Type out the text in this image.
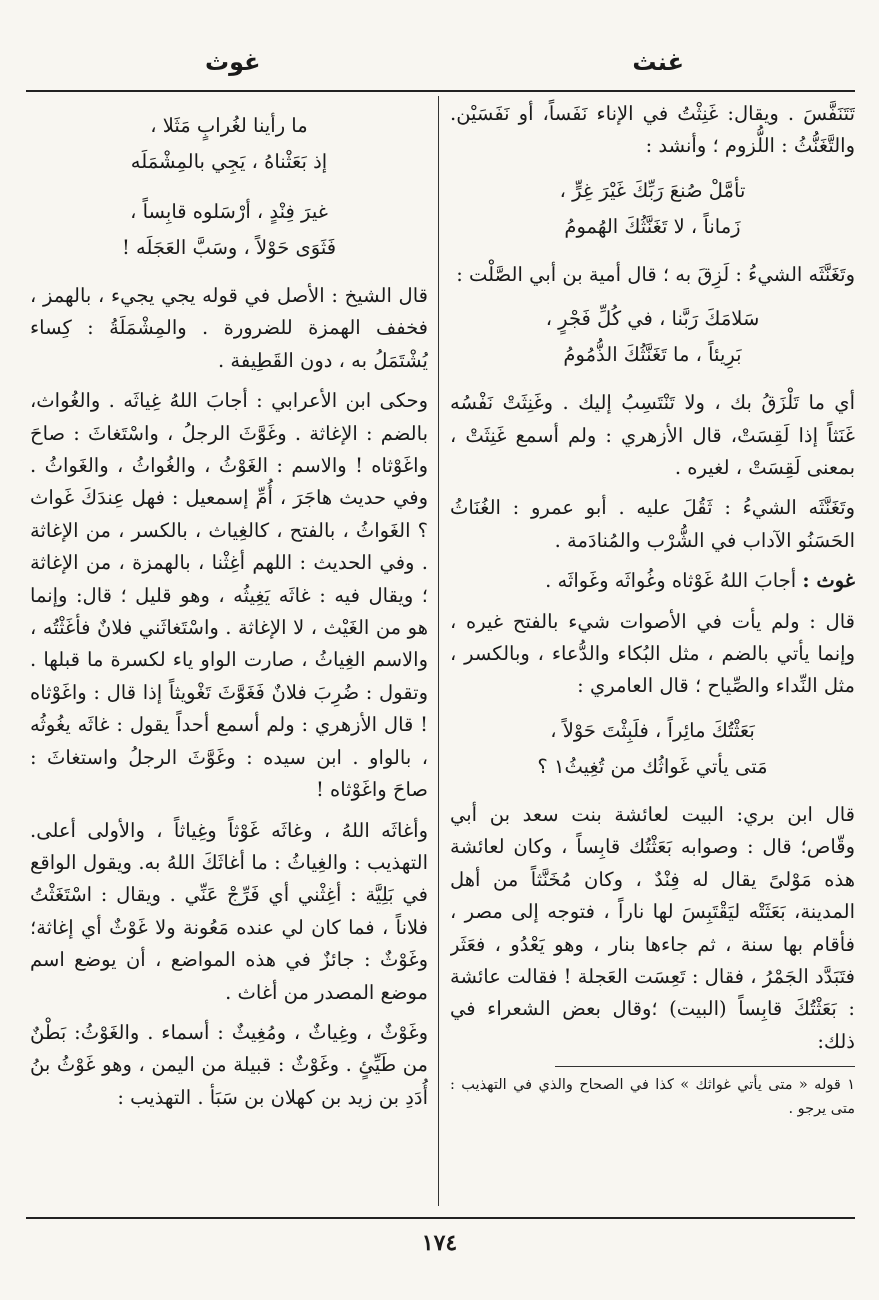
غنث
غوث

تَتَنَفَّسَ . ويقال: غَنِثْتُ في الإناء نَفَساً، أو نَفَسَيْن. والتَّغَنُّثُ : اللُّزوم ؛ وأنشد :

تأمَّلْ صُنعَ رَبِّكَ غَيْرَ غِرٍّ ،
زَماناً ، لا تَغَنَّثُكَ الهُمومُ

وتَغَنَّثَه الشيءُ : لَزِقَ به ؛ قال أمية بن أبي الصَّلْت :

سَلامَكَ رَبَّنا ، في كُلِّ فَجْرٍ ،
بَرِيئاً ، ما تَغَنَّثُكَ الذُّمُومُ

أي ما تَلْزَقُ بك ، ولا تَنْتَسِبُ إليك . وغَنِثَتْ نَفْسُه غَنَثاً إذا لَقِسَتْ، قال الأزهري : ولم أسمع غَنِثَتْ ، بمعنى لَقِسَتْ ، لغيره .

وتَغَنَّثَه الشيءُ : ثَقُلَ عليه . أبو عمرو : الغُنَاثُ الحَسَنُو الآداب في الشُّرْب والمُنادَمة .

غوث : أجابَ اللهُ غَوْثاه وغُواثَه وغَواثَه .

قال : ولم يأت في الأصوات شيء بالفتح غيره ، وإنما يأتي بالضم ، مثل البُكاء والدُّعاء ، وبالكسر ، مثل النِّداء والصِّياح ؛ قال العامري :

بَعَثْتُكَ مائِراً ، فلَبِثْتَ حَوْلاً ،
مَتى يأتي غَواثُك من تُغِيثُ١ ؟

قال ابن بري: البيت لعائشة بنت سعد بن أبي وقّاص؛ قال : وصوابه بَعَثْتُك قابِساً ، وكان لعائشة هذه مَوْلىً يقال له فِنْدٌ ، وكان مُخَنَّثاً من أهل المدينة، بَعَثَتْه ليَقْتَبِسَ لها ناراً ، فتوجه إلى مصر ، فأقام بها سنة ، ثم جاءها بنار ، وهو يَعْدُو ، فعَثَر فتَبَدَّد الجَمْرُ ، فقال : تَعِسَت العَجلة ! فقالت عائشة : بَعَثْتُكَ قابِساً (البيت) ؛وقال بعض الشعراء في ذلك:

١ قوله « متى يأتي غواثك » كذا في الصحاح والذي في التهذيب : متى يرجو .

ما رأينا لغُرابٍ مَثَلا ،
إذ بَعَثْناهُ ، يَجِي بالمِشْمَلَه
غيرَ فِنْدٍ ، أرْسَلوه قابِساً ،
فَثَوَى حَوْلاً ، وسَبَّ العَجَلَه !

قال الشيخ : الأصل في قوله يجي يجيء ، بالهمز ، فخفف الهمزة للضرورة . والمِشْمَلَةُ : كِساء يُشْتَمَلُ به ، دون القَطِيفة .

وحكى ابن الأعرابي : أجابَ اللهُ غِياثَه . والغُواث، بالضم : الإغاثة . وغَوَّثَ الرجلُ ، واسْتَغاثَ : صاحَ واغَوْثاه ! والاسم : الغَوْثُ ، والغُواثُ ، والغَواثُ . وفي حديث هاجَرَ ، أُمِّ إسمعيل : فهل عِندَكَ غَواث ؟ الغَواثُ ، بالفتح ، كالغِياث ، بالكسر ، من الإغاثة . وفي الحديث : اللهم أغِثْنا ، بالهمزة ، من الإغاثة ؛ ويقال فيه : غاثَه يَغِيثُه ، وهو قليل ؛ قال: وإنما هو من الغَيْث ، لا الإغاثة . واسْتَغاثَني فلانٌ فأغَثْتُه ، والاسم الغِياثُ ، صارت الواو ياء لكسرة ما قبلها . وتقول : ضُرِبَ فلانٌ فَغَوَّثَ تَغْويثاً إذا قال : واغَوْثاه ! قال الأزهري : ولم أسمع أحداً يقول : غاثَه يغُوثُه ، بالواو . ابن سيده : وغَوَّثَ الرجلُ واستغاثَ : صاحَ واغَوْثاه !

وأغاثَه اللهُ ، وغاثَه غَوْثاً وغِياثاً ، والأولى أعلى. التهذيب : والغِياثُ : ما أغاثَكَ اللهُ به. ويقول الواقع في بَلِيَّة : أغِثْني أي فَرِّجْ عَنِّي . ويقال : اسْتَغَثْتُ فلاناً ، فما كان لي عنده مَعُونة ولا غَوْثٌ أي إغاثة؛ وغَوْثٌ : جائزٌ في هذه المواضع ، أن يوضع اسم موضع المصدر من أغاث .

وغَوْثٌ ، وغِياثٌ ، ومُغِيثٌ : أسماء . والغَوْثُ: بَطْنٌ من طَيِّئٍ . وغَوْثٌ : قبيلة من اليمن ، وهو غَوْثُ بنُ أُدَدِ بن زيد بن كهلان بن سَبَأ . التهذيب :

١٧٤
